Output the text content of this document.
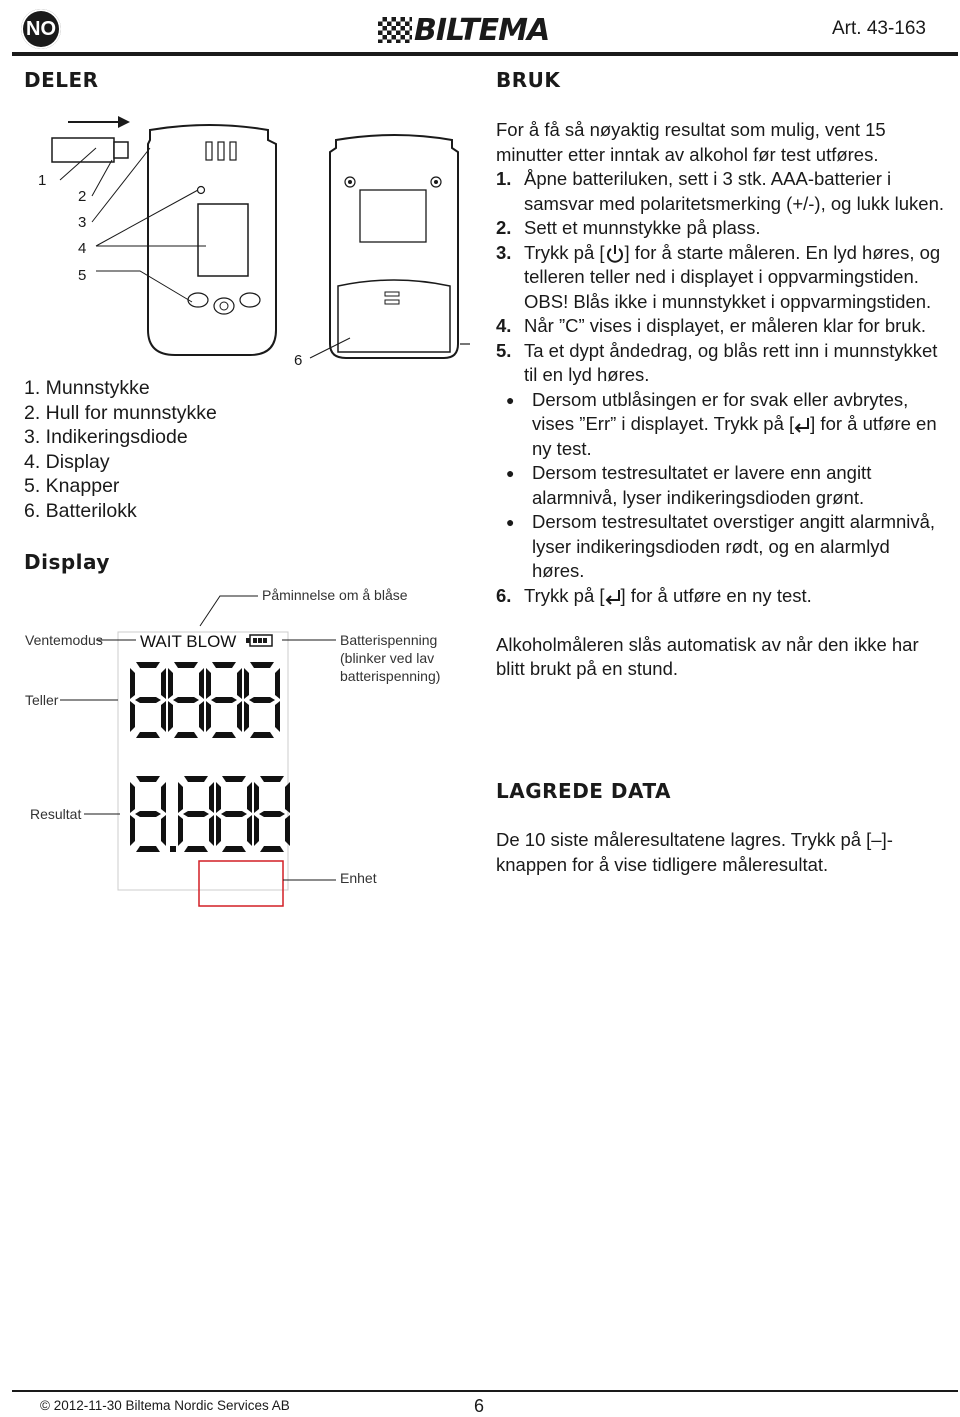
NO	BILTEMA	Art. 43-163
DELER
1
2
3
4
5
6
1. Munnstykke
2. Hull for munnstykke
3. Indikeringsdiode
4. Display
5. Knapper
6. Batterilokk
Display
Påminnelse om å blåse
Ventemodus WAIT BLOW	Batterispenning
(blinker ved lav
batterispenning)
Teller
Resultat
Enhet
BRUK

For å få så nøyaktig resultat som mulig, vent 15 minutter etter inntak av alkohol før test utføres.

1. Åpne batteriluken, sett i 3 stk. AAA-batterier i samsvar med polaritetsmerking (+/-), og lukk luken.
2. Sett et munnstykke på plass.
3. Trykk på [ ] for å starte måleren. En lyd høres, og telleren teller ned i displayet i oppvarmingstiden. OBS! Blås ikke i munnstykket i oppvarmingstiden.
4. Når ”C” vises i displayet, er måleren klar for bruk.
5. Ta et dypt åndedrag, og blås rett inn i munnstykket til en lyd høres.
● Dersom utblåsingen er for svak eller avbrytes, vises ”Err” i displayet. Trykk på [ ] for å utføre en ny test.
● Dersom testresultatet er lavere enn angitt alarmnivå, lyser indikeringsdioden grønt.
● Dersom testresultatet overstiger angitt alarmnivå, lyser indikeringsdioden rødt, og en alarmlyd høres.
6. Trykk på [ ] for å utføre en ny test.

Alkoholmåleren slås automatisk av når den ikke har blitt brukt på en stund.

LAGREDE DATA
De 10 siste måleresultatene lagres. Trykk på [–]-knappen for å vise tidligere måleresultat.
© 2012-11-30 Biltema Nordic Services AB	6
